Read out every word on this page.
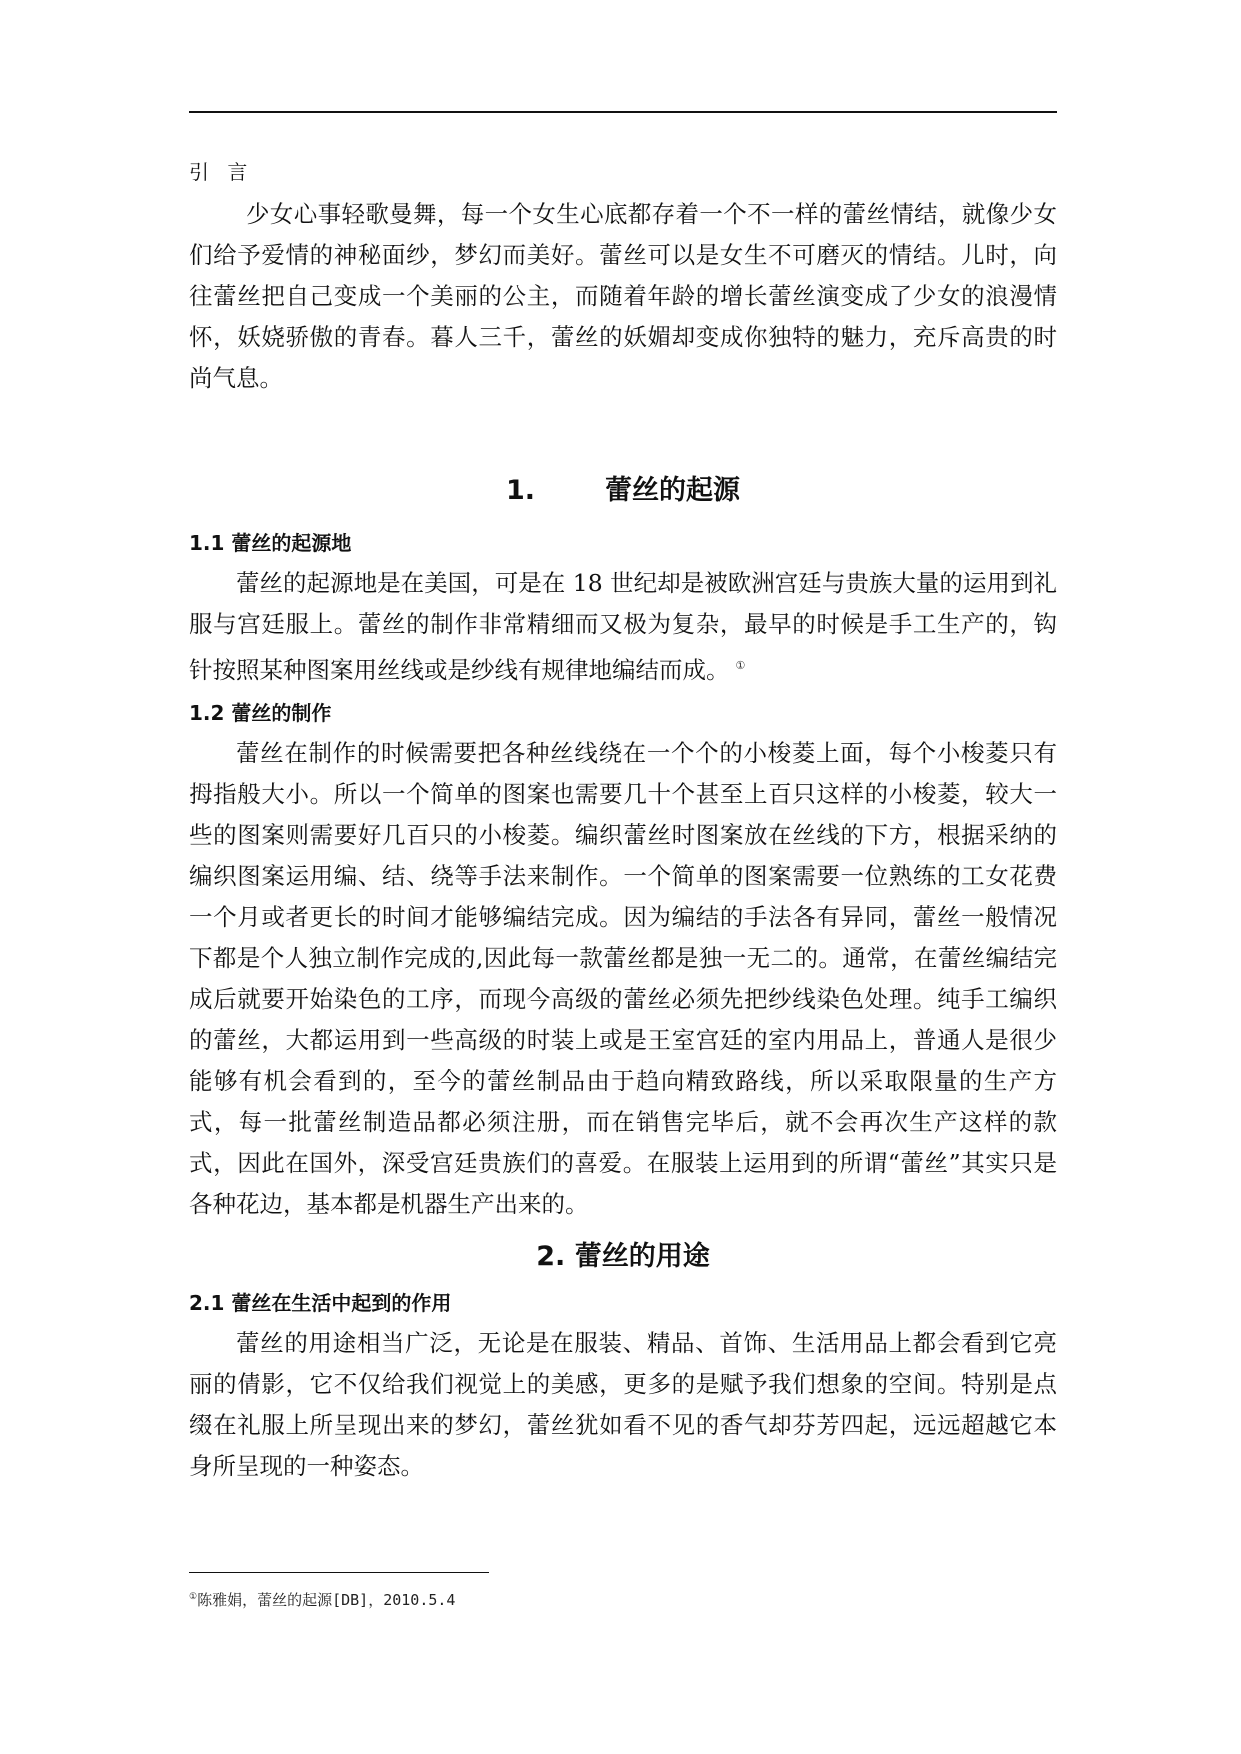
引 言

少女心事轻歌曼舞，每一个女生心底都存着一个不一样的蕾丝情结，就像少女们给予爱情的神秘面纱，梦幻而美好。蕾丝可以是女生不可磨灭的情结。儿时，向往蕾丝把自己变成一个美丽的公主，而随着年龄的增长蕾丝演变成了少女的浪漫情怀，妖娆骄傲的青春。暮人三千，蕾丝的妖媚却变成你独特的魅力，充斥高贵的时尚气息。

1.	蕾丝的起源
1.1 蕾丝的起源地

蕾丝的起源地是在美国，可是在 18 世纪却是被欧洲宫廷与贵族大量的运用到礼服与宫廷服上。蕾丝的制作非常精细而又极为复杂，最早的时候是手工生产的，钩针按照某种图案用丝线或是纱线有规律地编结而成。 ①

1.2 蕾丝的制作

蕾丝在制作的时候需要把各种丝线绕在一个个的小梭菱上面，每个小梭菱只有拇指般大小。所以一个简单的图案也需要几十个甚至上百只这样的小梭菱，较大一些的图案则需要好几百只的小梭菱。编织蕾丝时图案放在丝线的下方，根据采纳的编织图案运用编、结、绕等手法来制作。一个简单的图案需要一位熟练的工女花费一个月或者更长的时间才能够编结完成。因为编结的手法各有异同，蕾丝一般情况下都是个人独立制作完成的,因此每一款蕾丝都是独一无二的。通常，在蕾丝编结完成后就要开始染色的工序，而现今高级的蕾丝必须先把纱线染色处理。纯手工编织的蕾丝，大都运用到一些高级的时装上或是王室宫廷的室内用品上，普通人是很少能够有机会看到的，至今的蕾丝制品由于趋向精致路线，所以采取限量的生产方式，每一批蕾丝制造品都必须注册，而在销售完毕后，就不会再次生产这样的款式，因此在国外，深受宫廷贵族们的喜爱。在服装上运用到的所谓“蕾丝”其实只是各种花边，基本都是机器生产出来的。

2. 蕾丝的用途
2.1 蕾丝在生活中起到的作用

蕾丝的用途相当广泛，无论是在服装、精品、首饰、生活用品上都会看到它亮丽的倩影，它不仅给我们视觉上的美感，更多的是赋予我们想象的空间。特别是点缀在礼服上所呈现出来的梦幻，蕾丝犹如看不见的香气却芬芳四起，远远超越它本身所呈现的一种姿态。

①陈雅娟，蕾丝的起源[DB]，2010.5.4
